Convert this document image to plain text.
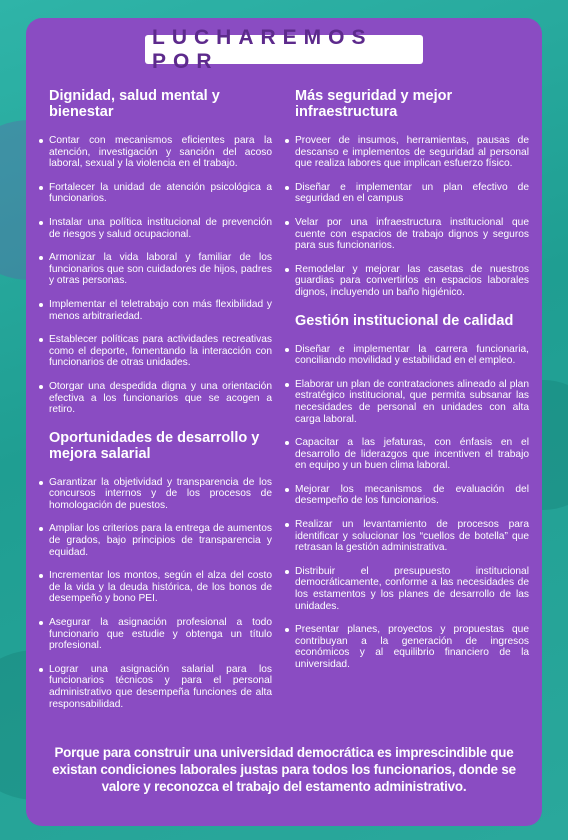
LUCHAREMOS POR
Dignidad, salud mental y bienestar
Contar con mecanismos eficientes para la atención, investigación y sanción del acoso laboral, sexual y la violencia en el trabajo.
Fortalecer la unidad de atención psicológica a funcionarios.
Instalar una política institucional de prevención de riesgos y salud ocupacional.
Armonizar la vida laboral y familiar de los funcionarios que son cuidadores de hijos, padres y otras personas.
Implementar el teletrabajo con más flexibilidad y menos arbitrariedad.
Establecer políticas para actividades recreativas como el deporte, fomentando la interacción con funcionarios de otras unidades.
Otorgar una despedida digna y una orientación efectiva a los funcionarios que se acogen a retiro.
Oportunidades de desarrollo y mejora salarial
Garantizar la objetividad y transparencia de los concursos internos y de los procesos de homologación de puestos.
Ampliar los criterios para la entrega de aumentos de grados, bajo principios de transparencia y equidad.
Incrementar los montos, según el alza del costo de la vida y la deuda histórica, de los bonos de desempeño y bono PEI.
Asegurar la asignación profesional a todo funcionario que estudie y obtenga un título profesional.
Lograr una asignación salarial para los funcionarios técnicos y para el personal administrativo que desempeña funciones de alta responsabilidad.
Más seguridad y mejor infraestructura
Proveer de insumos, herramientas, pausas de descanso e implementos de seguridad al personal que realiza labores que implican esfuerzo físico.
Diseñar e implementar un plan efectivo de seguridad en el campus
Velar por una infraestructura institucional que cuente con espacios de trabajo dignos y seguros para sus funcionarios.
Remodelar y mejorar las casetas de nuestros guardias para convertirlos en espacios laborales dignos, incluyendo un baño higiénico.
Gestión institucional de calidad
Diseñar e implementar la carrera funcionaria, conciliando movilidad y estabilidad en el empleo.
Elaborar un plan de contrataciones alineado al plan estratégico institucional, que permita subsanar las necesidades de personal en unidades con alta carga laboral.
Capacitar a las jefaturas, con énfasis en el desarrollo de liderazgos que incentiven el trabajo en equipo y un buen clima laboral.
Mejorar los mecanismos de evaluación del desempeño de los funcionarios.
Realizar un levantamiento de procesos para identificar y solucionar los “cuellos de botella” que retrasan la gestión administrativa.
Distribuir el presupuesto institucional democráticamente, conforme a las necesidades de los estamentos y los planes de desarrollo de las unidades.
Presentar planes, proyectos y propuestas que contribuyan a la generación de ingresos económicos y al equilibrio financiero de la universidad.
Porque para construir una universidad democrática es imprescindible que existan condiciones laborales justas para todos los funcionarios, donde se valore y reconozca el trabajo del estamento administrativo.
